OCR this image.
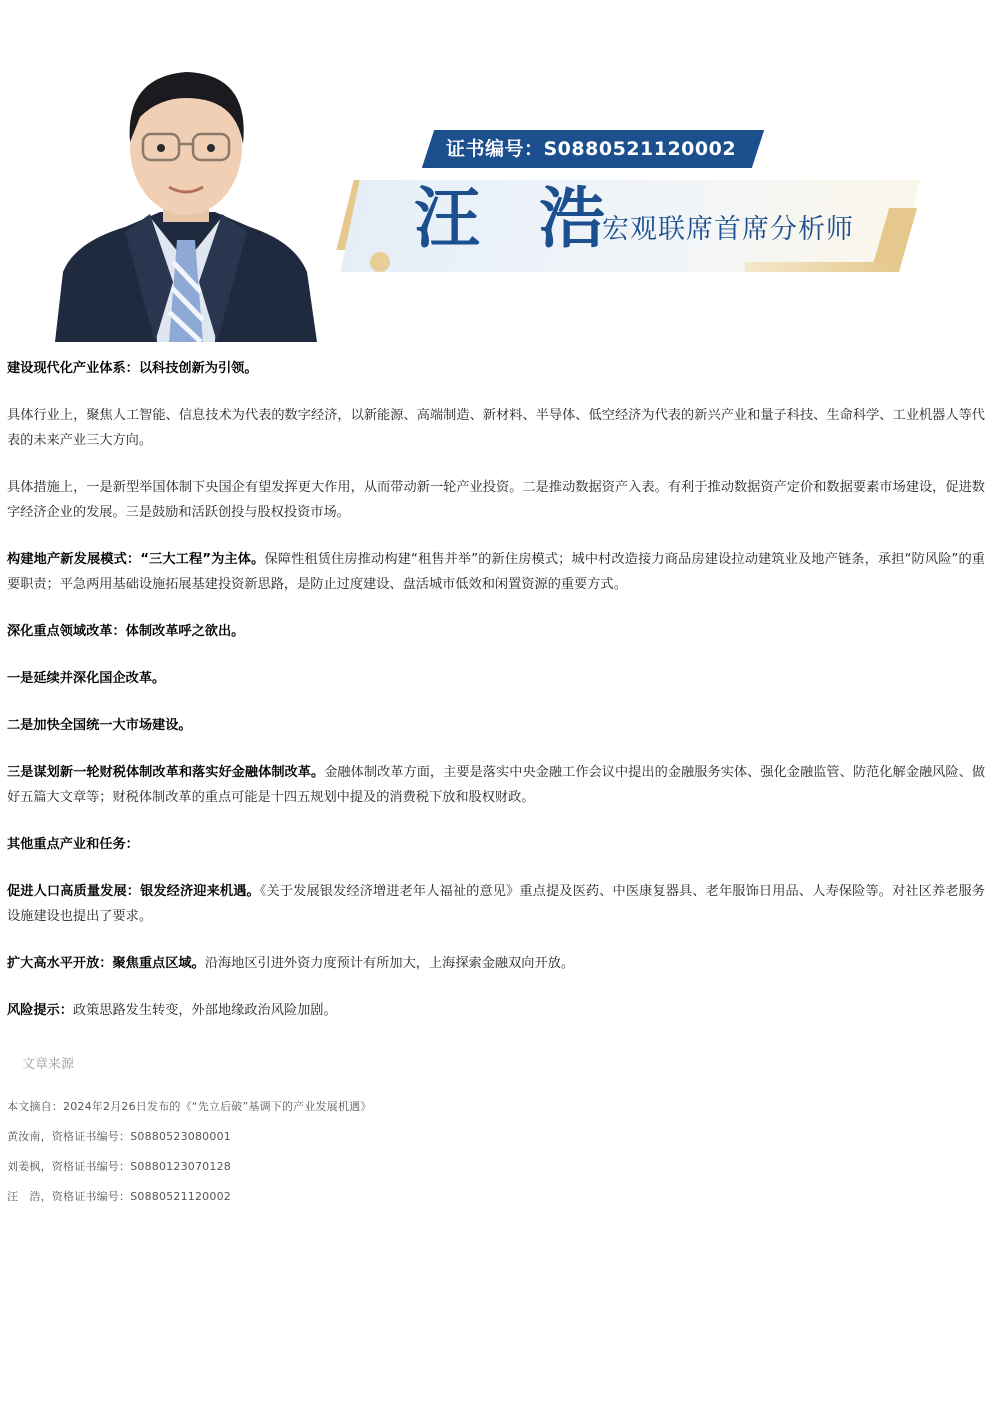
证书编号：S0880521120002
汪 浩
宏观联席首席分析师

建设现代化产业体系：以科技创新为引领。

具体行业上，聚焦人工智能、信息技术为代表的数字经济，以新能源、高端制造、新材料、半导体、低空经济为代表的新兴产业和量子科技、生命科学、工业机器人等代表的未来产业三大方向。

具体措施上，一是新型举国体制下央国企有望发挥更大作用，从而带动新一轮产业投资。二是推动数据资产入表。有利于推动数据资产定价和数据要素市场建设，促进数字经济企业的发展。三是鼓励和活跃创投与股权投资市场。

构建地产新发展模式：“三大工程”为主体。保障性租赁住房推动构建“租售并举”的新住房模式；城中村改造接力商品房建设拉动建筑业及地产链条，承担“防风险”的重要职责；平急两用基础设施拓展基建投资新思路，是防止过度建设、盘活城市低效和闲置资源的重要方式。

深化重点领域改革：体制改革呼之欲出。

一是延续并深化国企改革。

二是加快全国统一大市场建设。

三是谋划新一轮财税体制改革和落实好金融体制改革。金融体制改革方面，主要是落实中央金融工作会议中提出的金融服务实体、强化金融监管、防范化解金融风险、做好五篇大文章等；财税体制改革的重点可能是十四五规划中提及的消费税下放和股权财政。

其他重点产业和任务：

促进人口高质量发展：银发经济迎来机遇。《关于发展银发经济增进老年人福祉的意见》重点提及医药、中医康复器具、老年服饰日用品、人寿保险等。对社区养老服务设施建设也提出了要求。

扩大高水平开放：聚焦重点区域。沿海地区引进外资力度预计有所加大，上海探索金融双向开放。

风险提示：政策思路发生转变，外部地缘政治风险加剧。

文章来源

本文摘自：2024年2月26日发布的《“先立后破”基调下的产业发展机遇》

黄汝南，资格证书编号：S0880523080001

刘姜枫，资格证书编号：S0880123070128

汪　浩，资格证书编号：S0880521120002
